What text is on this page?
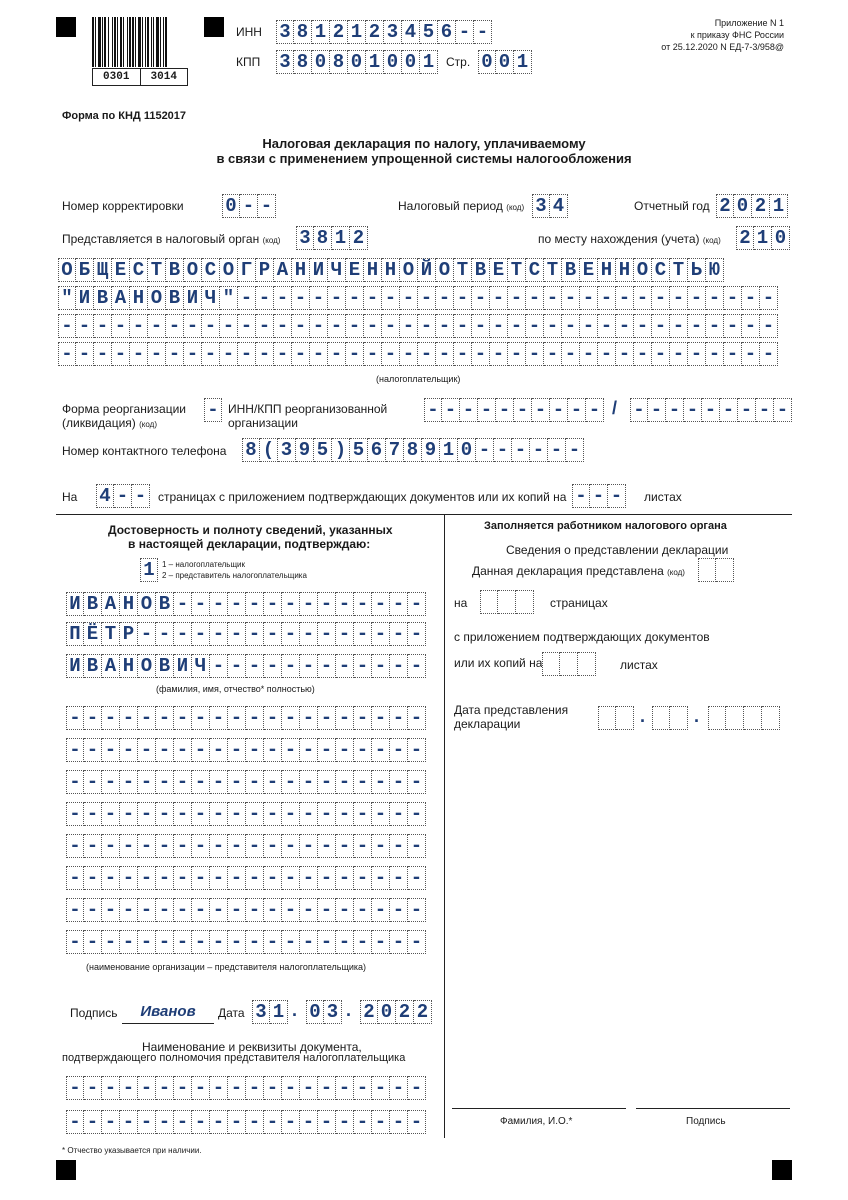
0301	3014
ИНН 3 8 1 2 1 2 3 4 5 6 - -
КПП 3 8 0 8 0 1 0 0 1 Стр. 0 0 1
Приложение N 1
к приказу ФНС России
от 25.12.2020 N ЕД-7-3/958@
Форма по КНД 1152017
Налоговая декларация по налогу, уплачиваемому
в связи с применением упрощенной системы налогообложения
Номер корректировки 0 - -	Налоговый период (код) 3 4	Отчетный год 2 0 2 1
Представляется в налоговый орган (код) 3 8 1 2	по месту нахождения (учета) (код) 2 1 0
О Б Щ Е С Т В О С О Г Р А Н И Ч Е Н Н О Й О Т В Е Т С Т В Е Н Н О С Т Ь Ю
" И В А Н О В И Ч " - - - - - - - - - - - - - - - - - - - - - - - - - - - - - -
- - - - - - - - - - - - - - - - - - - - - - - - - - - - - - - - - - - - - - - -
- - - - - - - - - - - - - - - - - - - - - - - - - - - - - - - - - - - - - - - -
(налогоплательщик)
Форма реорганизации
(ликвидация) (код)
- ИНН/КПП реорганизованной
организации
- - - - - - - - - - / - - - - - - - - -
Номер контактного телефона 8 ( 3 9 5 ) 5 6 7 8 9 1 0 - - - - - -
На 4 - - страницах с приложением подтверждающих документов или их копий на - - -	листах
Достоверность и полноту сведений, указанных
в настоящей декларации, подтверждаю:
1 1 – налогоплательщик
2 – представитель налогоплательщика
И В А Н О В - - - - - - - - - - - - - -
П Ё Т Р - - - - - - - - - - - - - - - -
И В А Н О В И Ч - - - - - - - - - - - -
(фамилия, имя, отчество* полностью)
- - - - - - - - - - - - - - - - - - - -
- - - - - - - - - - - - - - - - - - - -
- - - - - - - - - - - - - - - - - - - -
- - - - - - - - - - - - - - - - - - - -
- - - - - - - - - - - - - - - - - - - -
- - - - - - - - - - - - - - - - - - - -
- - - - - - - - - - - - - - - - - - - -
- - - - - - - - - - - - - - - - - - - -
(наименование организации – представителя налогоплательщика)
Подпись	Иванов	Дата 3 1 . 0 3 . 2 0 2 2
Наименование и реквизиты документа,
подтверждающего полномочия представителя налогоплательщика
- - - - - - - - - - - - - - - - - - - -
- - - - - - - - - - - - - - - - - - - -
Заполняется работником налогового органа
Сведения о представлении декларации
Данная декларация представлена (код)
на	страницах
с приложением подтверждающих документов
или их копий на	листах
Дата представления
декларации	.	.
Фамилия, И.О.*	Подпись
* Отчество указывается при наличии.
